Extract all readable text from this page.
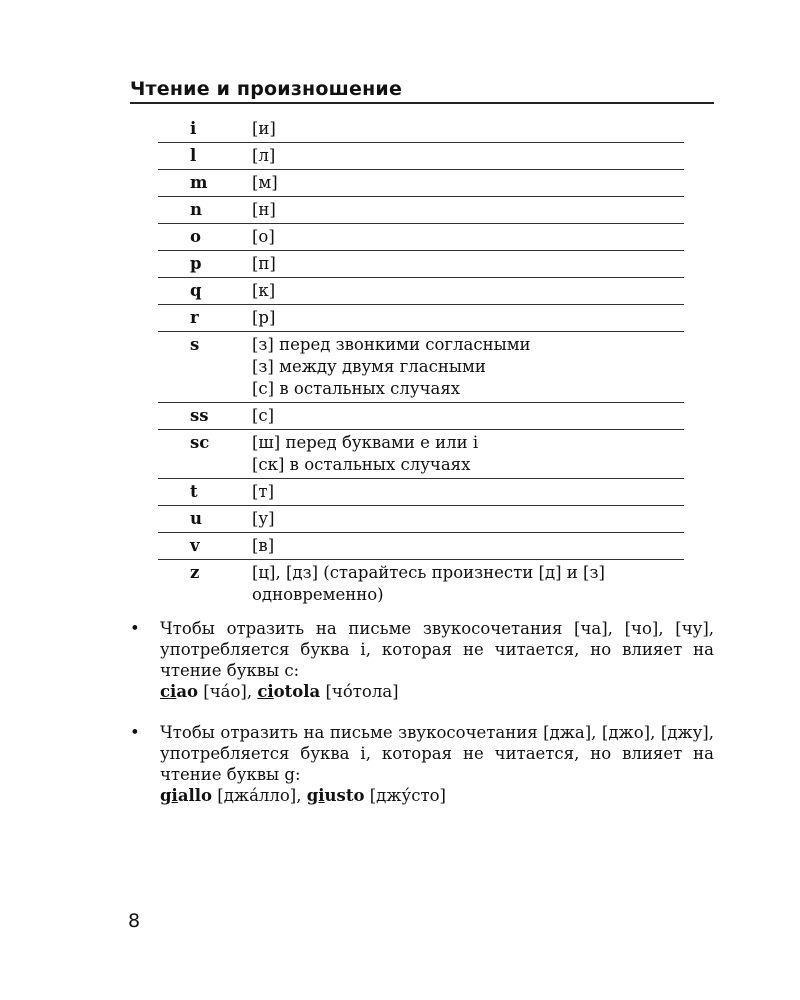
Чтение и произношение
i	[и]
l	[л]
m	[м]
n	[н]
o	[о]
p	[п]
q	[к]
r	[р]
s	[з] перед звонкими согласными
[з] между двумя гласными
[с] в остальных случаях
ss	[с]
sc	[ш] перед буквами e или i
[ск] в остальных случаях
t	[т]
u	[у]
v	[в]
z	[ц], [дз] (старайтесь произнести [д] и [з]
одновременно)
• Чтобы отразить на письме звукосочетания [ча], [чо], [чу], употребляется буква i, которая не читается, но влияет на чтение буквы c:

ciao [ча́о], ciotola [чо́тола]
• Чтобы отразить на письме звукосочетания [джа], [джо], [джу], употребляется буква i, которая не читается, но влияет на чтение буквы g:

giallo [джа́лло], giusto [джу́сто]
8
